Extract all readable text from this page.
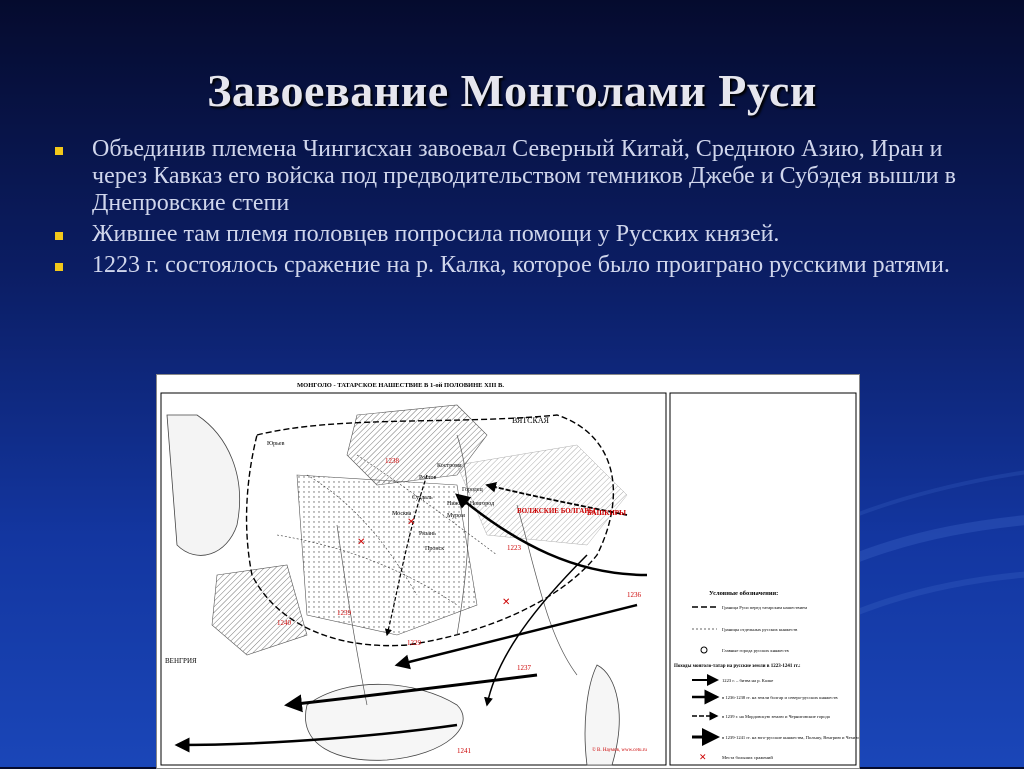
Завоевание Монголами Руси
Объединив племена Чингисхан завоевал Северный Китай, Среднюю Азию, Иран и через Кавказ его войска под предводительством темников Джебе и Субэдея вышли в Днепровские степи
Жившее там племя половцев попросила помощи у Русских князей.
1223 г. состоялось сражение на р. Калка, которое было проиграно русскими ратями.
МОНГОЛО - ТАТАРСКОЕ НАШЕСТВИЕ В 1-ой ПОЛОВИНЕ XIII В.
ВЯТСКАЯ
ВОЛЖСКИЕ БОЛГАРЫ
БАШКИРЫ
ВЕНГРИЯ
Юрьев
Ростов
Суздаль
Москва	Муром
Нижний Новгород
Рязань
Пронск
Городец
Кострома
1223
1229
1236
1237
1238
1239
1240
1241
✕
✕
✕
Условные обозначения:
Граница Руси перед татарским нашествием
Границы отдельных русских княжеств
Главные города русских княжеств
Походы монголо-татар на русские земли в 1223-1241 гг.:
1223 г. – битва на р. Калке
в 1236-1238 гг. на земли болгар и северо-русских княжеств
в 1239 г. на Мордовскую землю и Черниговские города
в 1239-1241 гг. на юго-русские княжества, Польшу, Венгрию и Чехию
✕	Места больших сражений
© В. Наумов, www.cetu.ru
